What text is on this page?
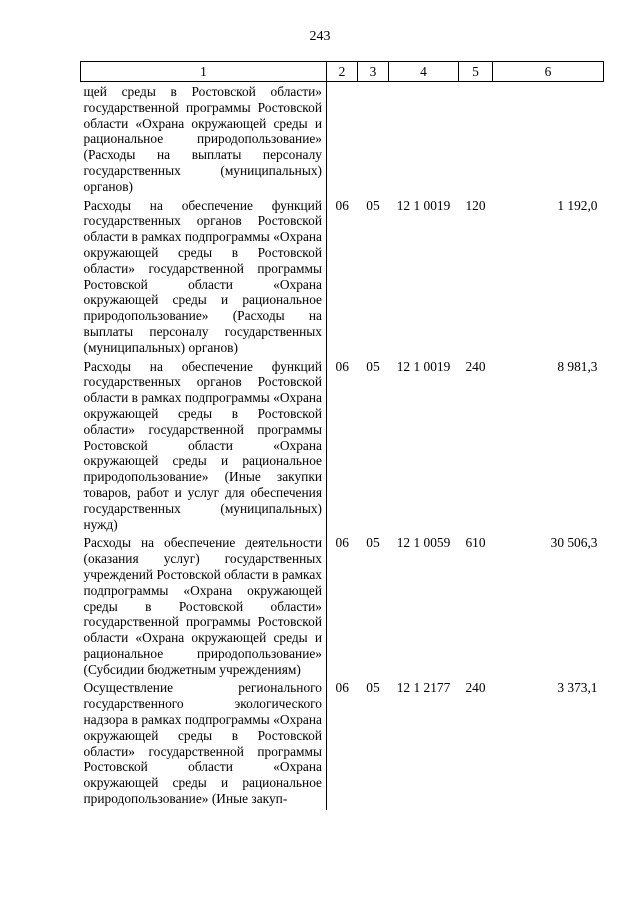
243
1	2	3	4	5	6
щей среды в Ростовской области» государственной программы Ростовской области «Охрана окружающей среды и рациональное природопользование» (Расходы на выплаты персоналу государственных (муниципальных) органов)					
Расходы на обеспечение функций государственных органов Ростовской области в рамках подпрограммы «Охрана окружающей среды в Ростовской области» государственной программы Ростовской области «Охрана окружающей среды и рациональное природопользование» (Расходы на выплаты персоналу государственных (муниципальных) органов)	06	05	12 1 0019	120	1 192,0
Расходы на обеспечение функций государственных органов Ростовской области в рамках подпрограммы «Охрана окружающей среды в Ростовской области» государственной программы Ростовской области «Охрана окружающей среды и рациональное природопользование» (Иные закупки товаров, работ и услуг для обеспечения государственных (муниципальных) нужд)	06	05	12 1 0019	240	8 981,3
Расходы на обеспечение деятельности (оказания услуг) государственных учреждений Ростовской области в рамках подпрограммы «Охрана окружающей среды в Ростовской области» государственной программы Ростовской области «Охрана окружающей среды и рациональное природопользование» (Субсидии бюджетным учреждениям)	06	05	12 1 0059	610	30 506,3
Осуществление регионального государственного экологического надзора в рамках подпрограммы «Охрана окружающей среды в Ростовской области» государственной программы Ростовской области «Охрана окружающей среды и рациональное природопользование» (Иные закуп-	06	05	12 1 2177	240	3 373,1
